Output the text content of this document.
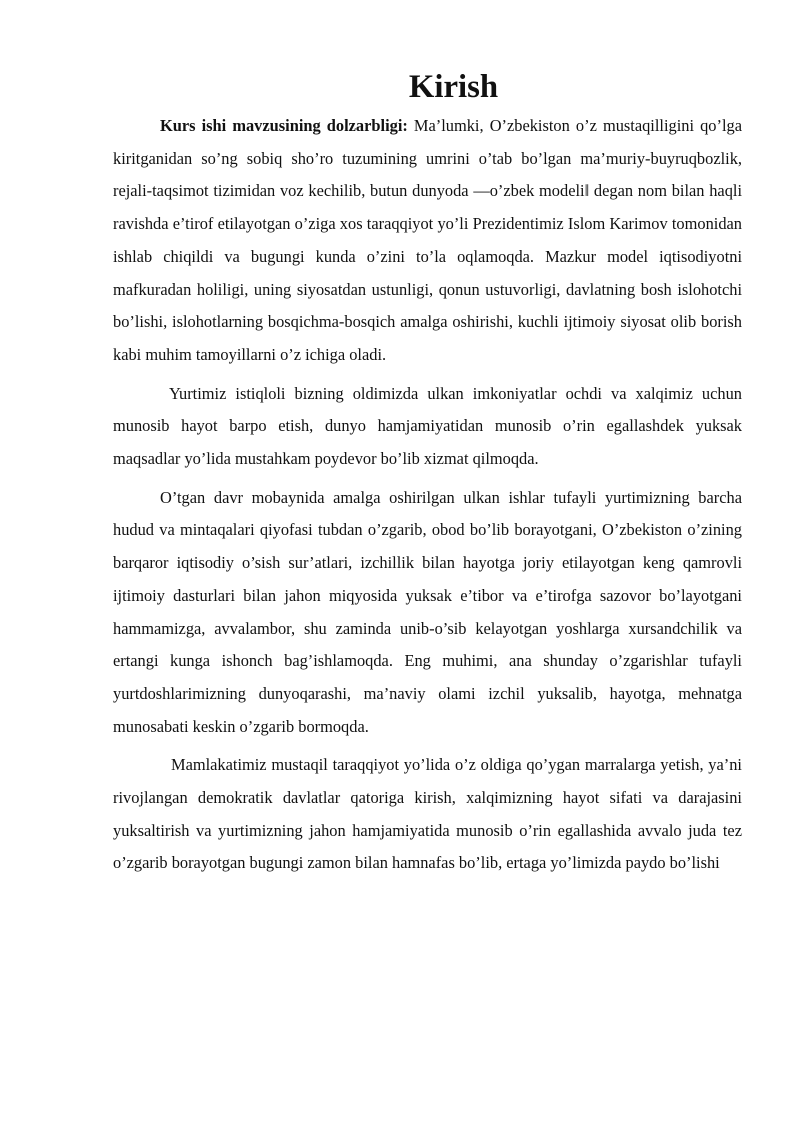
Kirish

Kurs ishi mavzusining dolzarbligi: Ma’lumki, O’zbekiston o’z mustaqilligini qo’lga kiritganidan so’ng sobiq sho’ro tuzumining umrini o’tab bo’lgan ma’muriy-buyruqbozlik, rejali-taqsimot tizimidan voz kechilib, butun dunyoda ―o’zbek modeli‖ degan nom bilan haqli ravishda e’tirof etilayotgan o’ziga xos taraqqiyot yo’li Prezidentimiz Islom Karimov tomonidan ishlab chiqildi va bugungi kunda o’zini to’la oqlamoqda. Mazkur model iqtisodiyotni mafkuradan holiligi, uning siyosatdan ustunligi, qonun ustuvorligi, davlatning bosh islohotchi bo’lishi, islohotlarning bosqichma-bosqich amalga oshirishi, kuchli ijtimoiy siyosat olib borish kabi muhim tamoyillarni o’z ichiga oladi.

Yurtimiz istiqloli bizning oldimizda ulkan imkoniyatlar ochdi va xalqimiz uchun munosib hayot barpo etish, dunyo hamjamiyatidan munosib o’rin egallashdek yuksak maqsadlar yo’lida mustahkam poydevor bo’lib xizmat qilmoqda.

O’tgan davr mobaynida amalga oshirilgan ulkan ishlar tufayli yurtimizning barcha hudud va mintaqalari qiyofasi tubdan o’zgarib, obod bo’lib borayotgani, O’zbekiston o’zining barqaror iqtisodiy o’sish sur’atlari, izchillik bilan hayotga joriy etilayotgan keng qamrovli ijtimoiy dasturlari bilan jahon miqyosida yuksak e’tibor va e’tirofga sazovor bo’layotgani hammamizga, avvalambor, shu zaminda unib-o’sib kelayotgan yoshlarga xursandchilik va ertangi kunga ishonch bag’ishlamoqda. Eng muhimi, ana shunday o’zgarishlar tufayli yurtdoshlarimizning dunyoqarashi, ma’naviy olami izchil yuksalib, hayotga, mehnatga munosabati keskin o’zgarib bormoqda.

Mamlakatimiz mustaqil taraqqiyot yo’lida o’z oldiga qo’ygan marralarga yetish, ya’ni rivojlangan demokratik davlatlar qatoriga kirish, xalqimizning hayot sifati va darajasini yuksaltirish va yurtimizning jahon hamjamiyatida munosib o’rin egallashida avvalo juda tez o’zgarib borayotgan bugungi zamon bilan hamnafas bo’lib, ertaga yo’limizda paydo bo’lishi
